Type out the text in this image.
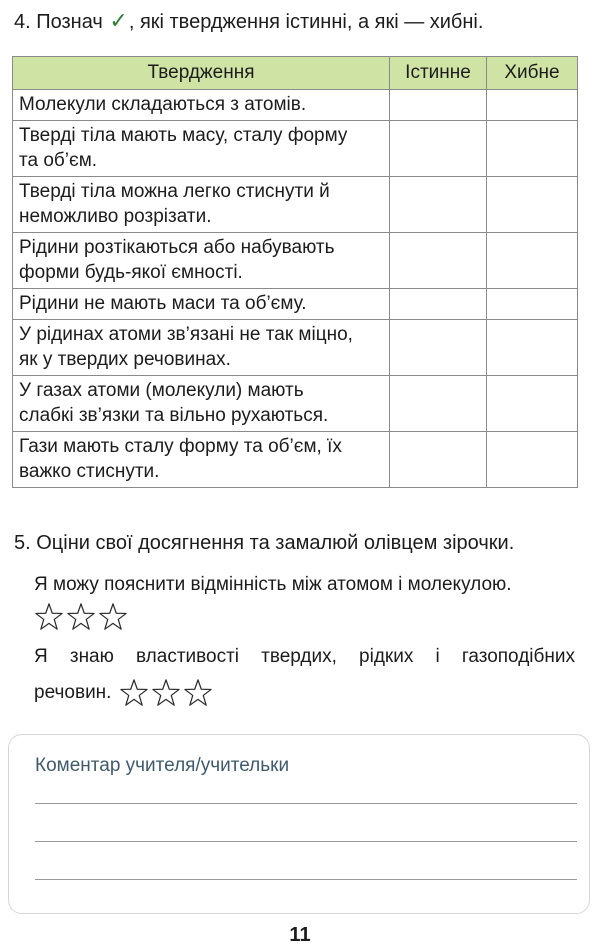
4. Познач ✓, які твердження істинні, а які — хибні.
Твердження	Істинне	Хибне
Молекули складаються з атомів.		
Тверді тіла мають масу, сталу форму
та об’єм.		
Тверді тіла можна легко стиснути й
неможливо розрізати.		
Рідини розтікаються або набувають
форми будь-якої ємності.		
Рідини не мають маси та об’єму.		
У рідинах атоми зв’язані не так міцно,
як у твердих речовинах.		
У газах атоми (молекули) мають
слабкі зв’язки та вільно рухаються.		
Гази мають сталу форму та об’єм, їх
важко стиснути.		
5. Оціни свої досягнення та замалюй олівцем зірочки.
Я можу пояснити відмінність між атомом і молекулою.
Я знаю властивості твердих, рідких і газоподібних
речовин.
Коментар учителя/учительки
11
